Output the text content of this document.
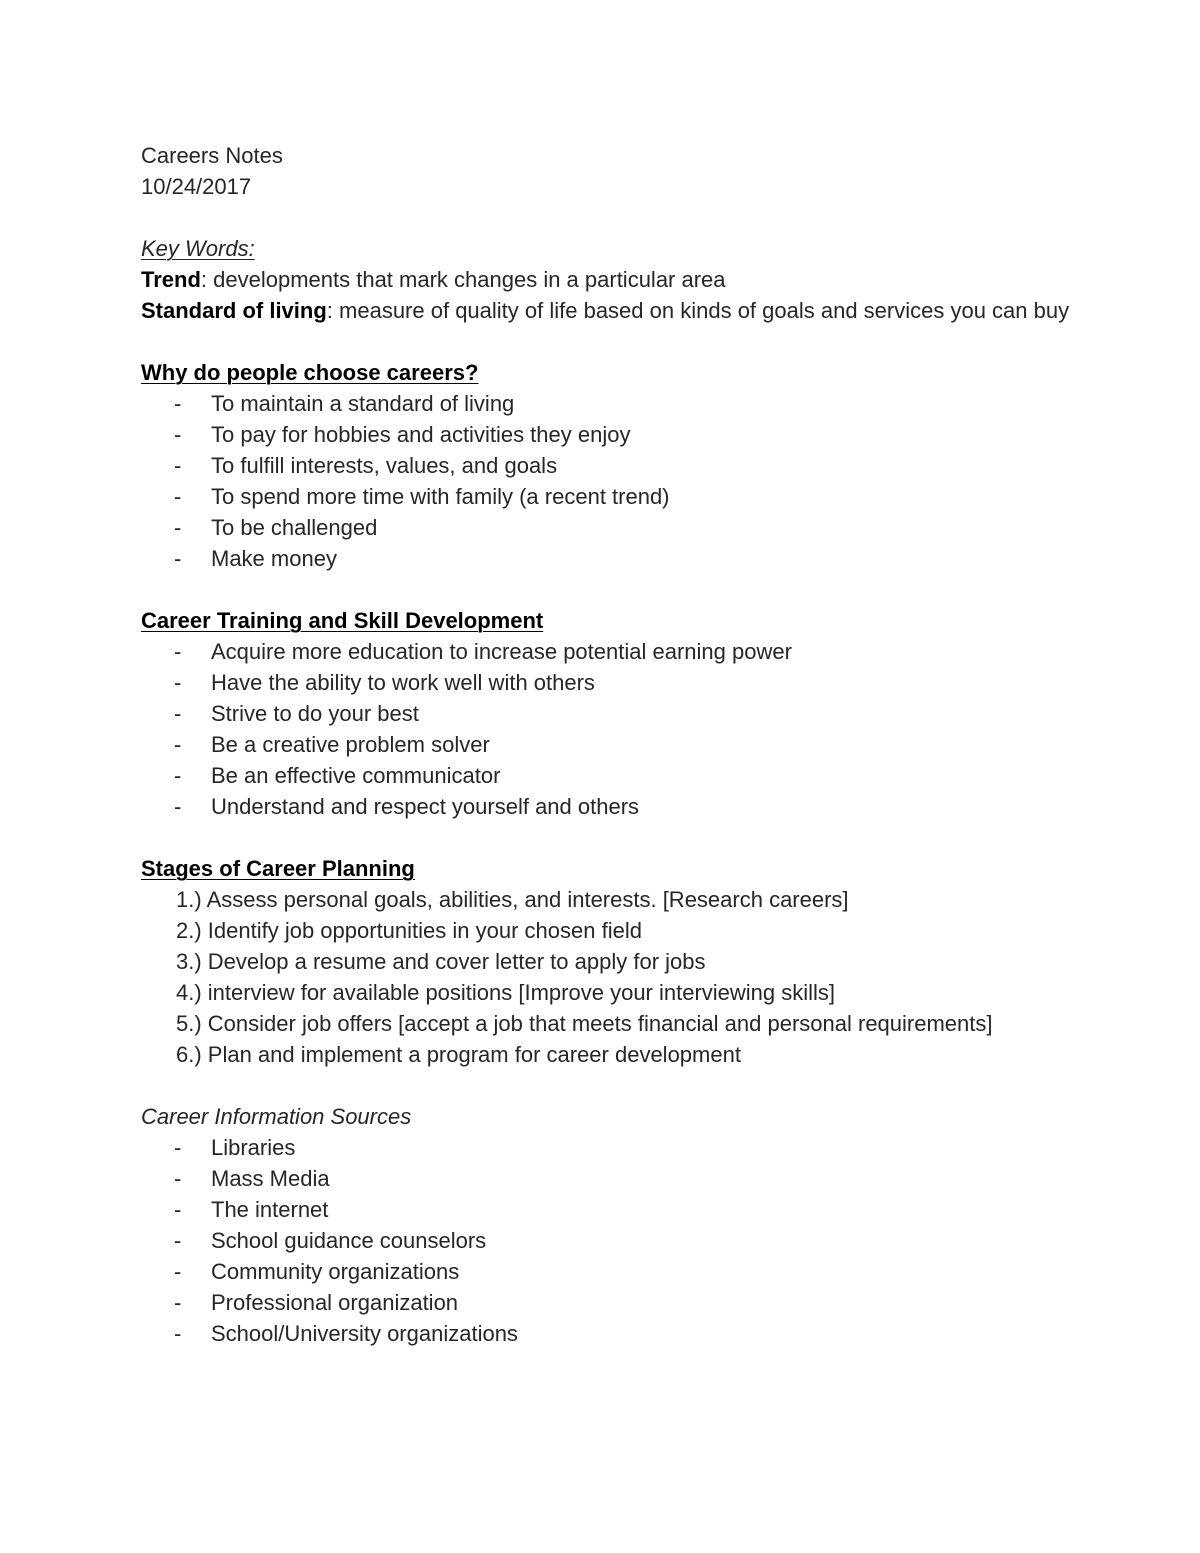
Careers Notes

10/24/2017

Key Words:

Trend: developments that mark changes in a particular area

Standard of living: measure of quality of life based on kinds of goals and services you can buy

Why do people choose careers?

- To maintain a standard of living
- To pay for hobbies and activities they enjoy
- To fulfill interests, values, and goals
- To spend more time with family (a recent trend)
- To be challenged
- Make money

Career Training and Skill Development

- Acquire more education to increase potential earning power
- Have the ability to work well with others
- Strive to do your best
- Be a creative problem solver
- Be an effective communicator
- Understand and respect yourself and others

Stages of Career Planning

1.) Assess personal goals, abilities, and interests. [Research careers]
2.) Identify job opportunities in your chosen field
3.) Develop a resume and cover letter to apply for jobs
4.) interview for available positions [Improve your interviewing skills]
5.) Consider job offers [accept a job that meets financial and personal requirements]
6.) Plan and implement a program for career development

Career Information Sources

- Libraries
- Mass Media
- The internet
- School guidance counselors
- Community organizations
- Professional organization
- School/University organizations
